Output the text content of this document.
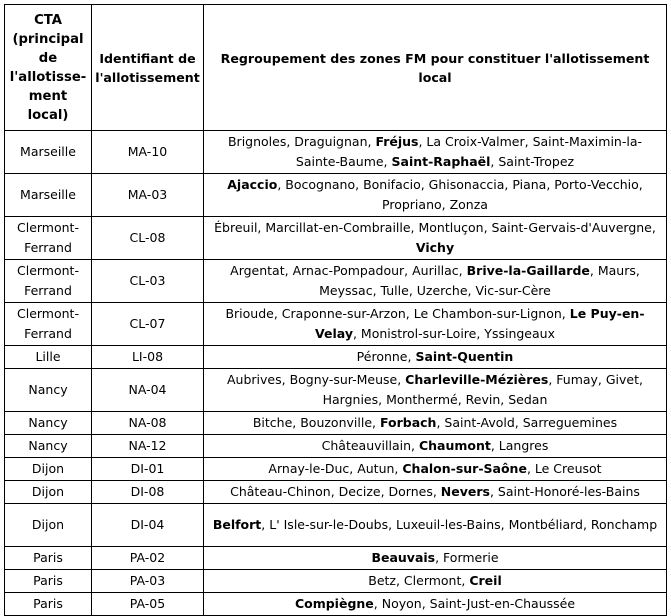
CTA (principal de l'allotisse-ment local)	Identifiant de l'allotissement	Regroupement des zones FM pour constituer l'allotissement local
Marseille	MA-10	Brignoles, Draguignan, Fréjus, La Croix-Valmer, Saint-Maximin-la-Sainte-Baume, Saint-Raphaël, Saint-Tropez
Marseille	MA-03	Ajaccio, Bocognano, Bonifacio, Ghisonaccia, Piana, Porto-Vecchio, Propriano, Zonza
Clermont-Ferrand	CL-08	Ébreuil, Marcillat-en-Combraille, Montluçon, Saint-Gervais-d'Auvergne, Vichy
Clermont-Ferrand	CL-03	Argentat, Arnac-Pompadour, Aurillac, Brive-la-Gaillarde, Maurs, Meyssac, Tulle, Uzerche, Vic-sur-Cère
Clermont-Ferrand	CL-07	Brioude, Craponne-sur-Arzon, Le Chambon-sur-Lignon, Le Puy-en-Velay, Monistrol-sur-Loire, Yssingeaux
Lille	LI-08	Péronne, Saint-Quentin
Nancy	NA-04	Aubrives, Bogny-sur-Meuse, Charleville-Mézières, Fumay, Givet, Hargnies, Monthermé, Revin, Sedan
Nancy	NA-08	Bitche, Bouzonville, Forbach, Saint-Avold, Sarreguemines
Nancy	NA-12	Châteauvillain, Chaumont, Langres
Dijon	DI-01	Arnay-le-Duc, Autun, Chalon-sur-Saône, Le Creusot
Dijon	DI-08	Château-Chinon, Decize, Dornes, Nevers, Saint-Honoré-les-Bains
Dijon	DI-04	Belfort, L' Isle-sur-le-Doubs, Luxeuil-les-Bains, Montbéliard, Ronchamp
Paris	PA-02	Beauvais, Formerie
Paris	PA-03	Betz, Clermont, Creil
Paris	PA-05	Compiègne, Noyon, Saint-Just-en-Chaussée
